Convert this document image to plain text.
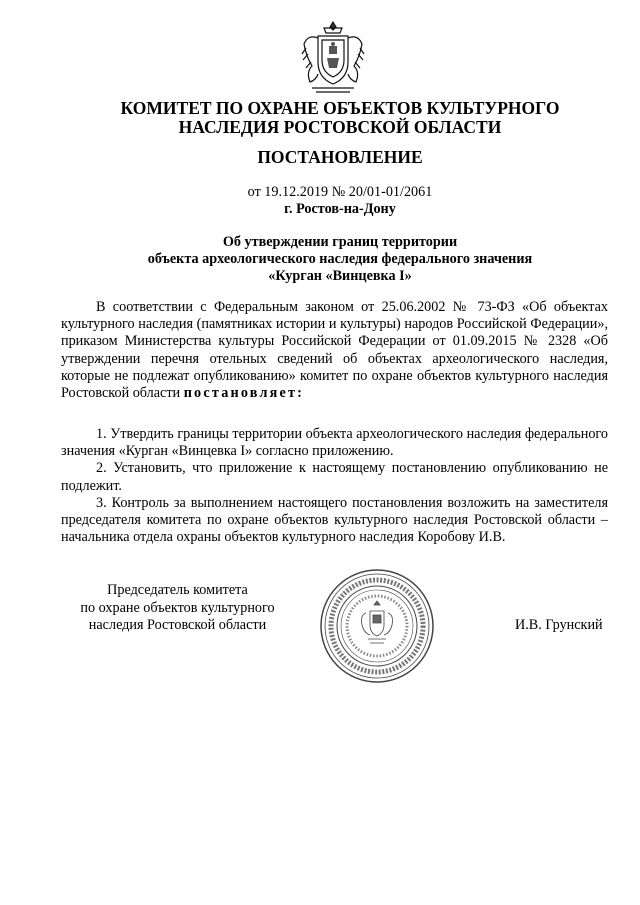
КОМИТЕТ ПО ОХРАНЕ ОБЪЕКТОВ КУЛЬТУРНОГО
НАСЛЕДИЯ РОСТОВСКОЙ ОБЛАСТИ
ПОСТАНОВЛЕНИЕ
от 19.12.2019 № 20/01-01/2061
г. Ростов-на-Дону
Об утверждении границ территории
объекта археологического наследия федерального значения
«Курган «Винцевка I»

В соответствии с Федеральным законом от 25.06.2002 № 73-ФЗ «Об объектах культурного наследия (памятниках истории и культуры) народов Российской Федерации», приказом Министерства культуры Российской Федерации от 01.09.2015 № 2328 «Об утверждении перечня отельных сведений об объектах археологического наследия, которые не подлежат опубликованию» комитет по охране объектов культурного наследия Ростовской области постановляет:

1. Утвердить границы территории объекта археологического наследия федерального значения «Курган «Винцевка I» согласно приложению.

2. Установить, что приложение к настоящему постановлению опубликованию не подлежит.

3. Контроль за выполнением настоящего постановления возложить на заместителя председателя комитета по охране объектов культурного наследия Ростовской области – начальника отдела охраны объектов культурного наследия Коробову И.В.

Председатель комитета
по охране объектов культурного
наследия Ростовской области	И.В. Грунский
